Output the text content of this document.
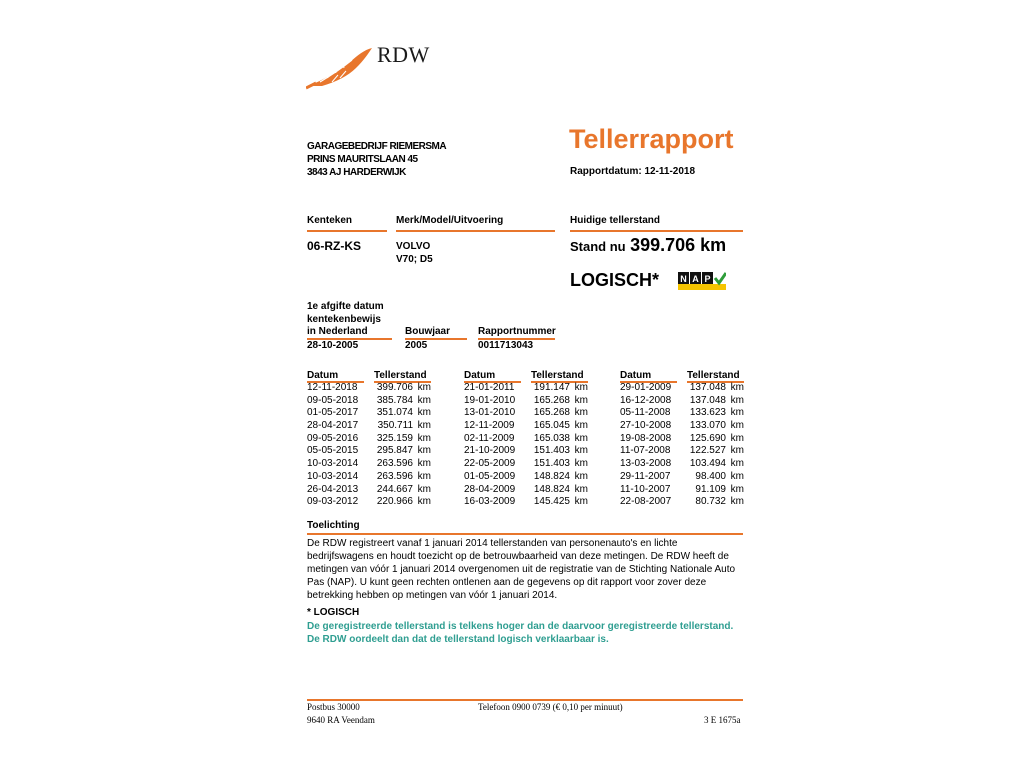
RDW
GARAGEBEDRIJF RIEMERSMA
PRINS MAURITSLAAN 45
3843 AJ HARDERWIJK
Tellerrapport
Rapportdatum: 12-11-2018
Kenteken	Merk/Model/Uitvoering	Huidige tellerstand
06-RZ-KS	VOLVO
V70; D5
Stand nu 399.706 km
LOGISCH* N A P
1e afgifte datum
kentekenbewijs
in Nederland	Bouwjaar	Rapportnummer
28-10-2005	2005	0011713043
Datum	Tellerstand
12-11-2018 399.706 km
09-05-2018 385.784 km
01-05-2017 351.074 km
28-04-2017 350.711 km
09-05-2016 325.159 km
05-05-2015 295.847 km
10-03-2014 263.596 km
10-03-2014 263.596 km
26-04-2013 244.667 km
09-03-2012 220.966 km
Datum	Tellerstand
21-01-2011 191.147 km
19-01-2010 165.268 km
13-01-2010 165.268 km
12-11-2009 165.045 km
02-11-2009 165.038 km
21-10-2009 151.403 km
22-05-2009 151.403 km
01-05-2009 148.824 km
28-04-2009 148.824 km
16-03-2009 145.425 km
Datum	Tellerstand
29-01-2009 137.048 km
16-12-2008 137.048 km
05-11-2008 133.623 km
27-10-2008 133.070 km
19-08-2008 125.690 km
11-07-2008 122.527 km
13-03-2008 103.494 km
29-11-2007 98.400 km
11-10-2007 91.109 km
22-08-2007 80.732 km
Toelichting
De RDW registreert vanaf 1 januari 2014 tellerstanden van personenauto's en lichte bedrijfswagens en houdt toezicht op de betrouwbaarheid van deze metingen. De RDW heeft de metingen van vóór 1 januari 2014 overgenomen uit de registratie van de Stichting Nationale Auto Pas (NAP). U kunt geen rechten ontlenen aan de gegevens op dit rapport voor zover deze betrekking hebben op metingen van vóór 1 januari 2014.
* LOGISCH
De geregistreerde tellerstand is telkens hoger dan de daarvoor geregistreerde tellerstand. De RDW oordeelt dan dat de tellerstand logisch verklaarbaar is.
Postbus 30000
9640 RA Veendam
Telefoon 0900 0739 (€ 0,10 per minuut)
3 E 1675a
